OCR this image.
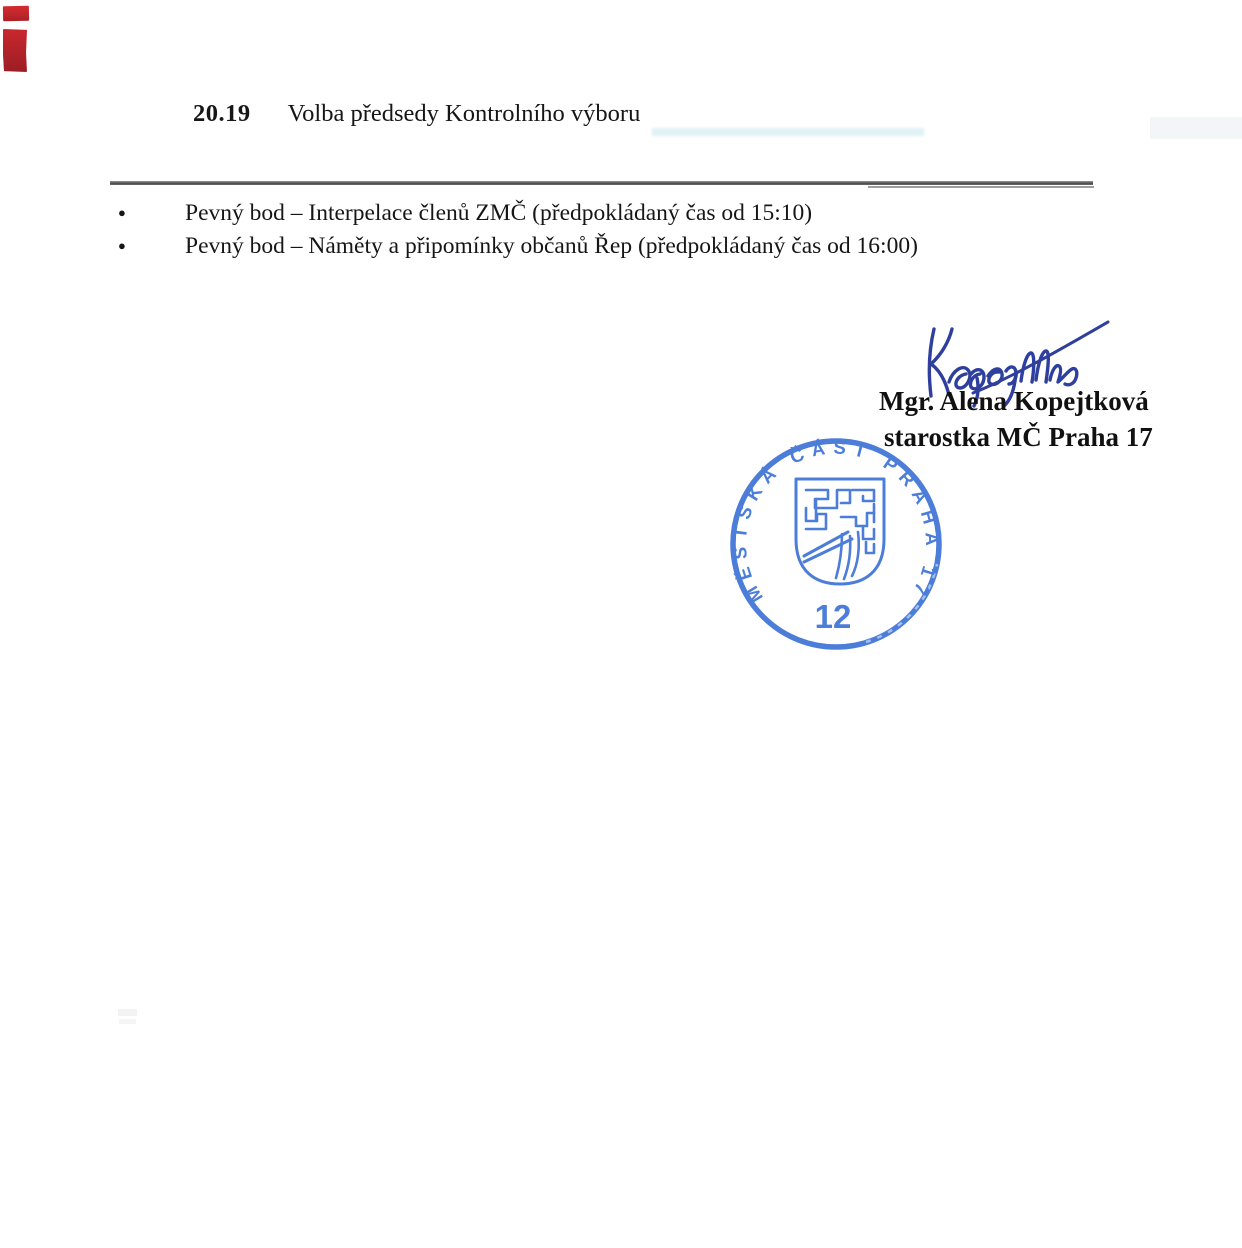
20.19 Volba předsedy Kontrolního výboru
●	Pevný bod – Interpelace členů ZMČ (předpokládaný čas od 15:10)
●	Pevný bod – Náměty a připomínky občanů Řep (předpokládaný čas od 16:00)
Mgr. Alena Kopejtková
starostka MČ Praha 17
MĚSTSKÁ ČÁST PRAHA 17
12
